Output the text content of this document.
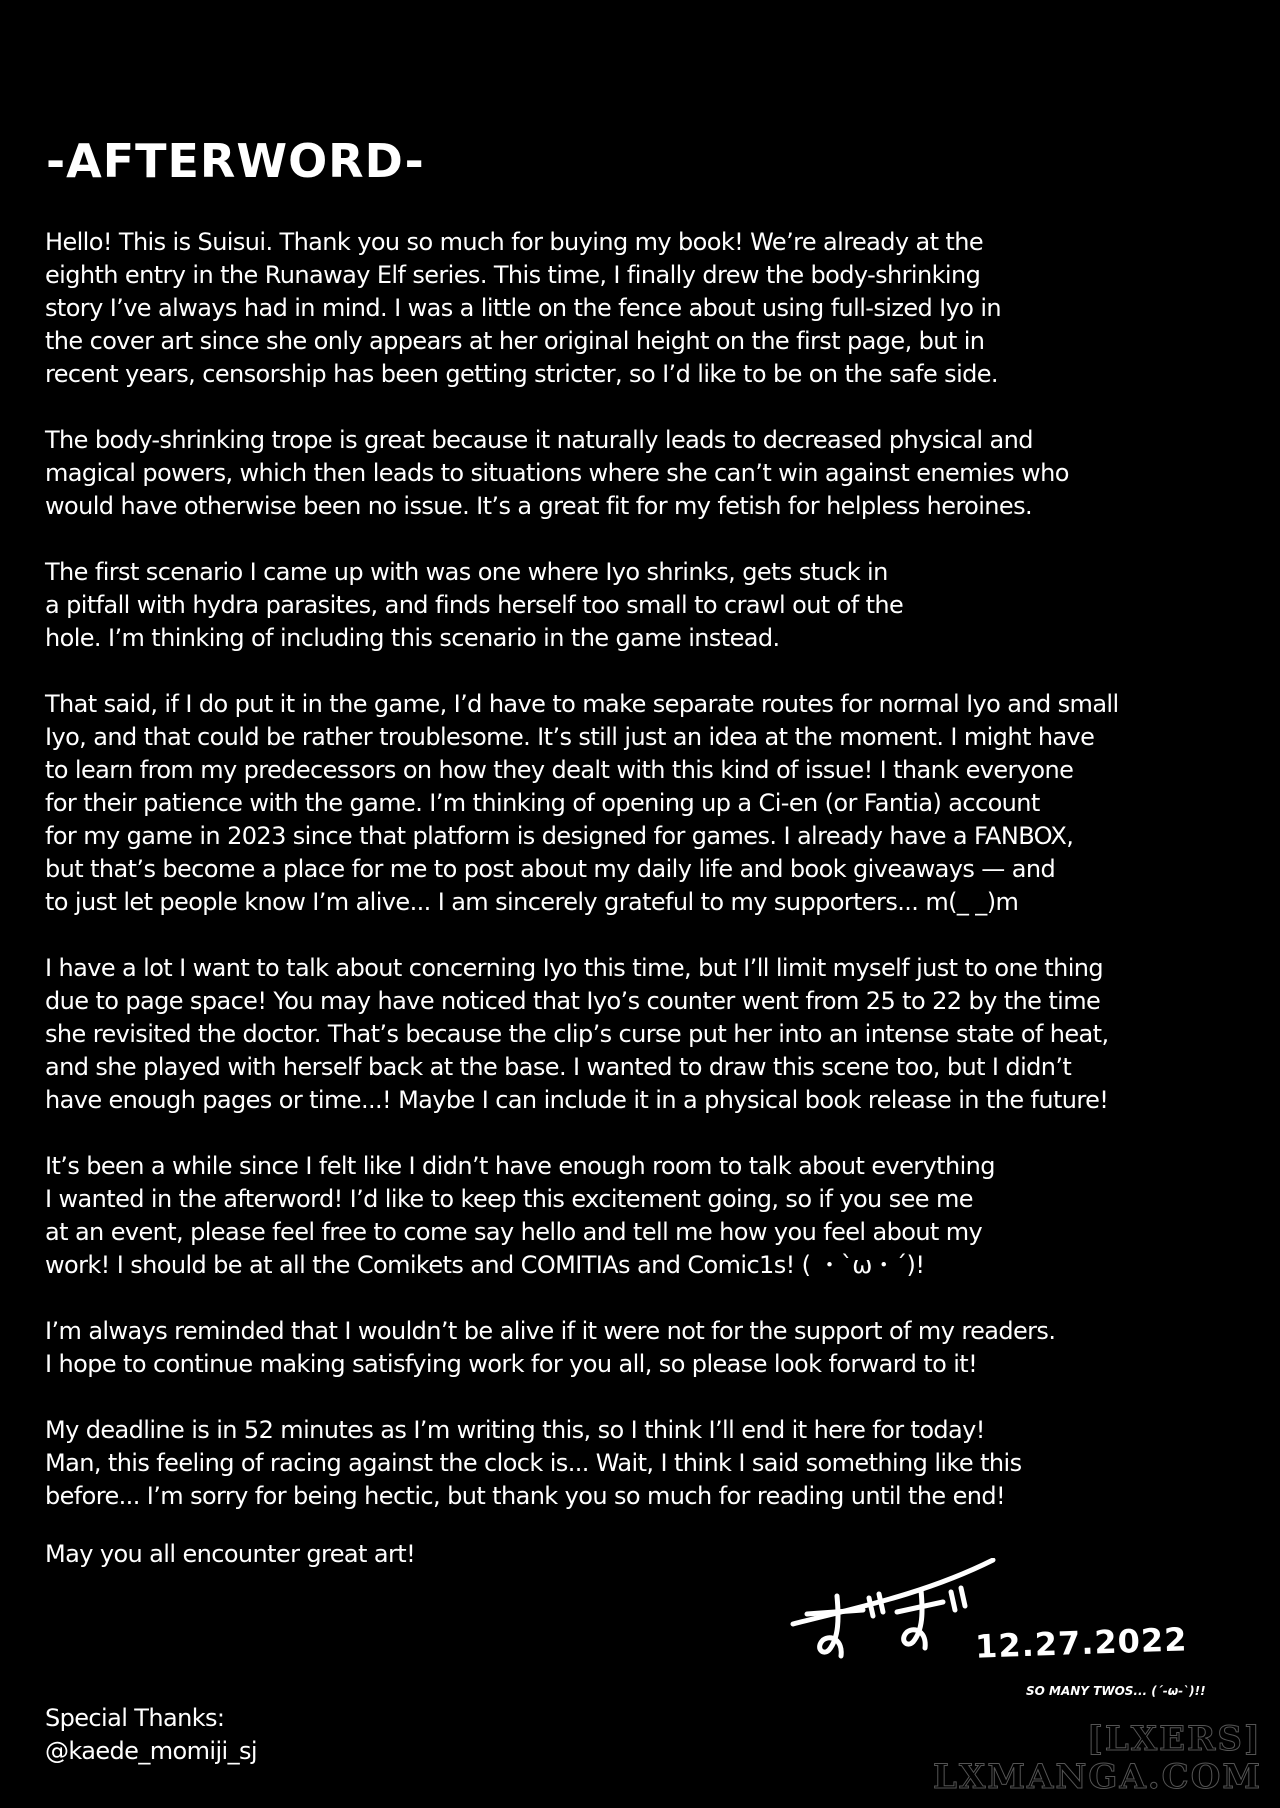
-AFTERWORD-

Hello! This is Suisui. Thank you so much for buying my book! We’re already at the
eighth entry in the Runaway Elf series. This time, I finally drew the body-shrinking
story I’ve always had in mind. I was a little on the fence about using full-sized Iyo in
the cover art since she only appears at her original height on the first page, but in
recent years, censorship has been getting stricter, so I’d like to be on the safe side.

The body-shrinking trope is great because it naturally leads to decreased physical and
magical powers, which then leads to situations where she can’t win against enemies who
would have otherwise been no issue. It’s a great fit for my fetish for helpless heroines.

The first scenario I came up with was one where Iyo shrinks, gets stuck in
a pitfall with hydra parasites, and finds herself too small to crawl out of the
hole. I’m thinking of including this scenario in the game instead.

That said, if I do put it in the game, I’d have to make separate routes for normal Iyo and small
Iyo, and that could be rather troublesome. It’s still just an idea at the moment. I might have
to learn from my predecessors on how they dealt with this kind of issue! I thank everyone
for their patience with the game. I’m thinking of opening up a Ci-en (or Fantia) account
for my game in 2023 since that platform is designed for games. I already have a FANBOX,
but that’s become a place for me to post about my daily life and book giveaways — and
to just let people know I’m alive... I am sincerely grateful to my supporters... m(_ _)m

I have a lot I want to talk about concerning Iyo this time, but I’ll limit myself just to one thing
due to page space! You may have noticed that Iyo’s counter went from 25 to 22 by the time
she revisited the doctor. That’s because the clip’s curse put her into an intense state of heat,
and she played with herself back at the base. I wanted to draw this scene too, but I didn’t
have enough pages or time...! Maybe I can include it in a physical book release in the future!

It’s been a while since I felt like I didn’t have enough room to talk about everything
I wanted in the afterword! I’d like to keep this excitement going, so if you see me
at an event, please feel free to come say hello and tell me how you feel about my
work! I should be at all the Comikets and COMITIAs and Comic1s! ( ・`ω・´)!

I’m always reminded that I wouldn’t be alive if it were not for the support of my readers.
I hope to continue making satisfying work for you all, so please look forward to it!

My deadline is in 52 minutes as I’m writing this, so I think I’ll end it here for today!
Man, this feeling of racing against the clock is... Wait, I think I said something like this
before... I’m sorry for being hectic, but thank you so much for reading until the end!

May you all encounter great art!

12.27.2022
SO MANY TWOS... (´-ω-`)!!
Special Thanks:
@kaede_momiji_sj	[LXERS]
LXMANGA.COM
